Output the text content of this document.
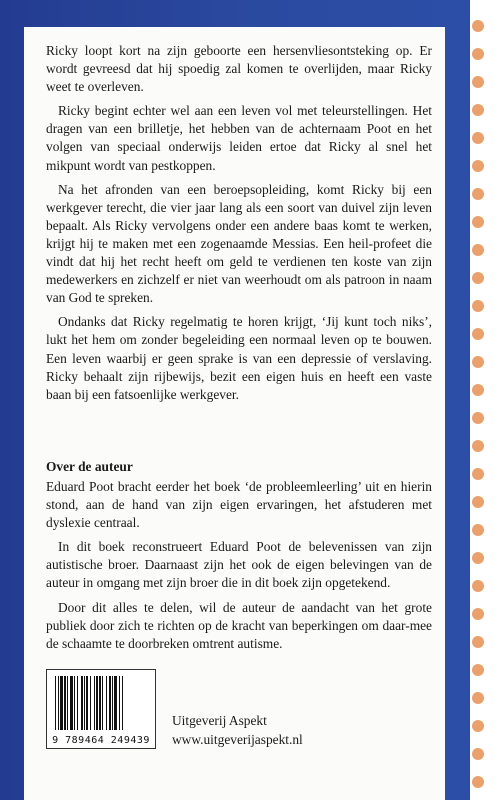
Ricky loopt kort na zijn geboorte een hersenvliesontsteking op. Er wordt gevreesd dat hij spoedig zal komen te overlijden, maar Ricky weet te overleven.

Ricky begint echter wel aan een leven vol met teleurstellingen. Het dragen van een brilletje, het hebben van de achternaam Poot en het volgen van speciaal onderwijs leiden ertoe dat Ricky al snel het mikpunt wordt van pestkoppen.

Na het afronden van een beroepsopleiding, komt Ricky bij een werkgever terecht, die vier jaar lang als een soort van duivel zijn leven bepaalt. Als Ricky vervolgens onder een andere baas komt te werken, krijgt hij te maken met een zogenaamde Messias. Een heil-profeet die vindt dat hij het recht heeft om geld te verdienen ten koste van zijn medewerkers en zichzelf er niet van weerhoudt om als patroon in naam van God te spreken.

Ondanks dat Ricky regelmatig te horen krijgt, ‘Jij kunt toch niks’, lukt het hem om zonder begeleiding een normaal leven op te bouwen. Een leven waarbij er geen sprake is van een depressie of verslaving. Ricky behaalt zijn rijbewijs, bezit een eigen huis en heeft een vaste baan bij een fatsoenlijke werkgever.

Over de auteur

Eduard Poot bracht eerder het boek ‘de probleemleerling’ uit en hierin stond, aan de hand van zijn eigen ervaringen, het afstuderen met dyslexie centraal.

In dit boek reconstrueert Eduard Poot de belevenissen van zijn autistische broer. Daarnaast zijn het ook de eigen belevingen van de auteur in omgang met zijn broer die in dit boek zijn opgetekend.

Door dit alles te delen, wil de auteur de aandacht van het grote publiek door zich te richten op de kracht van beperkingen om daar-mee de schaamte te doorbreken omtrent autisme.

9 789464 249439
Uitgeverij Aspekt
www.uitgeverijaspekt.nl
